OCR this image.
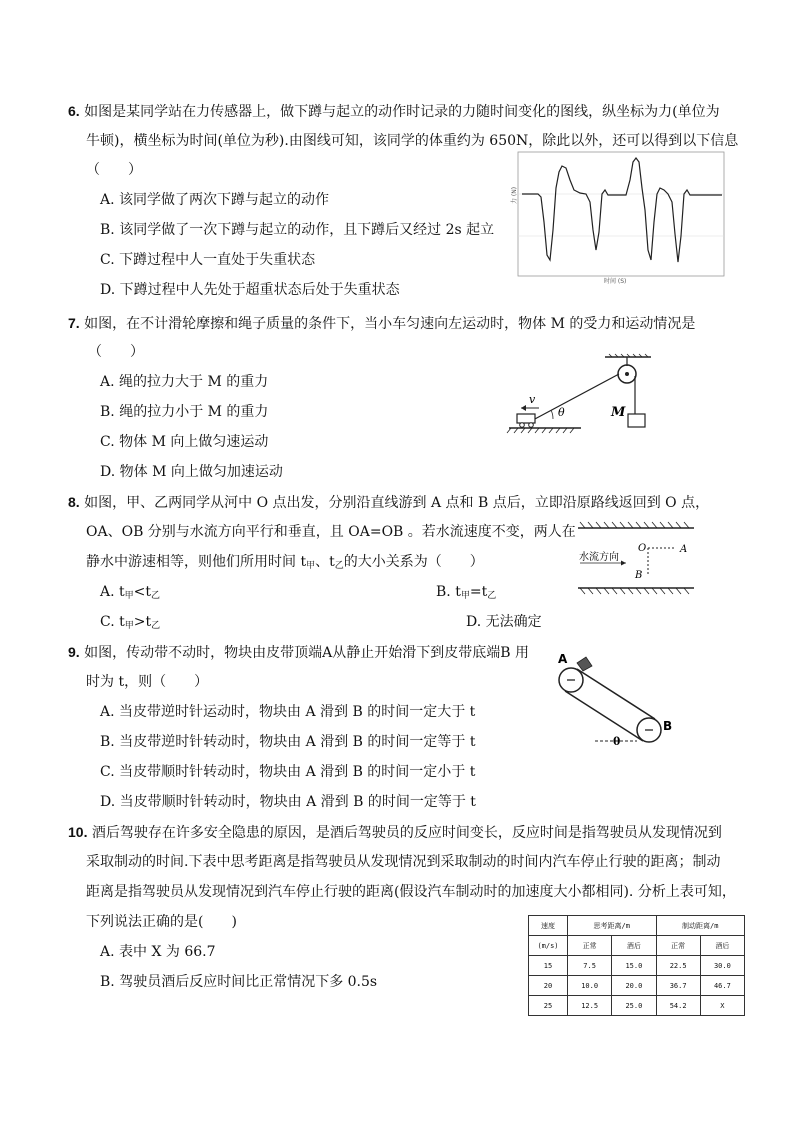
6. 如图是某同学站在力传感器上，做下蹲与起立的动作时记录的力随时间变化的图线，纵坐标为力(单位为
牛顿)，横坐标为时间(单位为秒).由图线可知，该同学的体重约为 650N，除此以外，还可以得到以下信息
（　　）
A. 该同学做了两次下蹲与起立的动作
B. 该同学做了一次下蹲与起立的动作，且下蹲后又经过 2s 起立
C. 下蹲过程中人一直处于失重状态
D. 下蹲过程中人先处于超重状态后处于失重状态
力 (N)
时间 (S)
7. 如图，在不计滑轮摩擦和绳子质量的条件下，当小车匀速向左运动时，物体 M 的受力和运动情况是
（　　）
A. 绳的拉力大于 M 的重力
B. 绳的拉力小于 M 的重力
C. 物体 M 向上做匀速运动
D. 物体 M 向上做匀加速运动
M
θ
v
8. 如图，甲、乙两同学从河中 O 点出发，分别沿直线游到 A 点和 B 点后，立即沿原路线返回到 O 点，
OA、OB 分别与水流方向平行和垂直，且 OA=OB 。若水流速度不变，两人在
静水中游速相等，则他们所用时间 $t_甲$、$t_乙$的大小关系为（　　）
A. $t_甲<t_乙$	B. $t_甲=t_乙$
C. $t_甲>t_乙$	D. 无法确定
水流方向
O	A
B
9. 如图，传动带不动时，物块由皮带顶端A从静止开始滑下到皮带底端B 用
时为 t，则（　　）
A. 当皮带逆时针运动时，物块由 A 滑到 B 的时间一定大于 t
B. 当皮带逆时针转动时，物块由 A 滑到 B 的时间一定等于 t
C. 当皮带顺时针转动时，物块由 A 滑到 B 的时间一定小于 t
D. 当皮带顺时针转动时，物块由 A 滑到 B 的时间一定等于 t
A
B
θ
10. 酒后驾驶存在许多安全隐患的原因，是酒后驾驶员的反应时间变长，反应时间是指驾驶员从发现情况到
采取制动的时间.下表中思考距离是指驾驶员从发现情况到采取制动的时间内汽车停止行驶的距离；制动
距离是指驾驶员从发现情况到汽车停止行驶的距离(假设汽车制动时的加速度大小都相同). 分析上表可知，
下列说法正确的是(　　)
A. 表中 X 为 66.7
B. 驾驶员酒后反应时间比正常情况下多 0.5s
速度	思考距离/m		制动距离/m	
(m/s)	正常	酒后	正常	酒后
15	7.5	15.0	22.5	30.0
20	10.0	20.0	36.7	46.7
25	12.5	25.0	54.2	X
